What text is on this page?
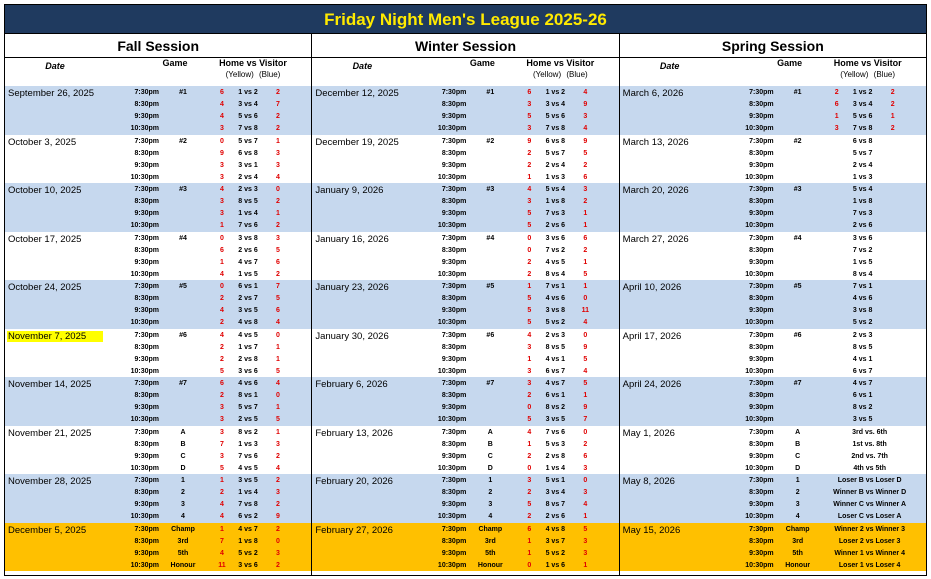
Friday Night Men's League 2025-26
Fall Session
Date	Game	Home vs Visitor
(Yellow) (Blue)
September 26, 2025	7:30pm	#1	6	1 vs 2	2
8:30pm	4	3 vs 4	7
9:30pm	4	5 vs 6	2
10:30pm	3	7 vs 8	2
October 3, 2025	7:30pm	#2	0	5 vs 7	1
8:30pm	9	6 vs 8	3
9:30pm	3	3 vs 1	3
10:30pm	3	2 vs 4	4
October 10, 2025	7:30pm	#3	4	2 vs 3	0
8:30pm	3	8 vs 5	2
9:30pm	3	1 vs 4	1
10:30pm	1	7 vs 6	2
October 17, 2025	7:30pm	#4	0	3 vs 8	3
8:30pm	6	2 vs 6	5
9:30pm	1	4 vs 7	6
10:30pm	4	1 vs 5	2
October 24, 2025	7:30pm	#5	0	6 vs 1	7
8:30pm	2	2 vs 7	5
9:30pm	4	3 vs 5	6
10:30pm	2	4 vs 8	4
November 7, 2025	7:30pm	#6	4	4 vs 5	0
8:30pm	2	1 vs 7	1
9:30pm	2	2 vs 8	1
10:30pm	5	3 vs 6	5
November 14, 2025	7:30pm	#7	6	4 vs 6	4
8:30pm	2	8 vs 1	0
9:30pm	3	5 vs 7	1
10:30pm	3	2 vs 5	5
November 21, 2025	7:30pm	A	3	8 vs 2	1
8:30pm	B	7	1 vs 3	3
9:30pm	C	3	7 vs 6	2
10:30pm	D	5	4 vs 5	4
November 28, 2025	7:30pm	1	1	3 vs 5	2
8:30pm	2	2	1 vs 4	3
9:30pm	3	4	7 vs 8	2
10:30pm	4	4	6 vs 2	9
December 5, 2025	7:30pm	Champ	1	4 vs 7	2
8:30pm	3rd	7	1 vs 8	0
9:30pm	5th	4	5 vs 2	3
10:30pm Honour	11	3 vs 6	2
Winter Session
Date	Game	Home vs Visitor
(Yellow) (Blue)
December 12, 2025	7:30pm	#1	6	1 vs 2	4
8:30pm	3	3 vs 4	9
9:30pm	5	5 vs 6	3
10:30pm	3	7 vs 8	4
December 19, 2025	7:30pm	#2	9	6 vs 8	9
8:30pm	2	5 vs 7	5
9:30pm	2	2 vs 4	2
10:30pm	1	1 vs 3	6
January 9, 2026	7:30pm	#3	4	5 vs 4	3
8:30pm	3	1 vs 8	2
9:30pm	5	7 vs 3	1
10:30pm	5	2 vs 6	1
January 16, 2026	7:30pm	#4	0	3 vs 6	6
8:30pm	0	7 vs 2	2
9:30pm	2	4 vs 5	1
10:30pm	2	8 vs 4	5
January 23, 2026	7:30pm	#5	1	7 vs 1	1
8:30pm	5	4 vs 6	0
9:30pm	5	3 vs 8	11
10:30pm	5	5 vs 2	4
January 30, 2026	7:30pm	#6	4	2 vs 3	0
8:30pm	3	8 vs 5	9
9:30pm	1	4 vs 1	5
10:30pm	3	6 vs 7	4
February 6, 2026	7:30pm	#7	3	4 vs 7	5
8:30pm	2	6 vs 1	1
9:30pm	0	8 vs 2	9
10:30pm	5	3 vs 5	7
February 13, 2026	7:30pm	A	4	7 vs 6	0
8:30pm	B	1	5 vs 3	2
9:30pm	C	2	2 vs 8	6
10:30pm	D	0	1 vs 4	3
February 20, 2026	7:30pm	1	3	5 vs 1	0
8:30pm	2	2	3 vs 4	3
9:30pm	3	5	8 vs 7	4
10:30pm	4	2	2 vs 6	1
February 27, 2026	7:30pm	Champ	6	4 vs 8	5
8:30pm	3rd	1	3 vs 7	3
9:30pm	5th	1	5 vs 2	3
10:30pm Honour	0	1 vs 6	1
Spring Session
Date	Game	Home vs Visitor
(Yellow) (Blue)
March 6, 2026	7:30pm	#1	2	1 vs 2	2
8:30pm	6	3 vs 4	2
9:30pm	1	5 vs 6	1
10:30pm	3	7 vs 8	2
March 13, 2026	7:30pm	#2	6 vs 8
8:30pm	5 vs 7
9:30pm	2 vs 4
10:30pm	1 vs 3
March 20, 2026	7:30pm	#3	5 vs 4
8:30pm	1 vs 8
9:30pm	7 vs 3
10:30pm	2 vs 6
March 27, 2026	7:30pm	#4	3 vs 6
8:30pm	7 vs 2
9:30pm	1 vs 5
10:30pm	8 vs 4
April 10, 2026	7:30pm	#5	7 vs 1
8:30pm	4 vs 6
9:30pm	3 vs 8
10:30pm	5 vs 2
April 17, 2026	7:30pm	#6	2 vs 3
8:30pm	8 vs 5
9:30pm	4 vs 1
10:30pm	6 vs 7
April 24, 2026	7:30pm	#7	4 vs 7
8:30pm	6 vs 1
9:30pm	8 vs 2
10:30pm	3 vs 5
May 1, 2026	7:30pm	A	3rd vs. 6th
8:30pm	B	1st vs. 8th
9:30pm	C	2nd vs. 7th
10:30pm	D	4th vs 5th
May 8, 2026	7:30pm	1	Loser B vs Loser D
8:30pm	2	Winner B vs Winner D
9:30pm	3	Winner C vs Winner A
10:30pm	4	Loser C vs Loser A
May 15, 2026	7:30pm	Champ	Winner 2 vs Winner 3
8:30pm	3rd	Loser 2 vs Loser 3
9:30pm	5th	Winner 1 vs Winner 4
10:30pm Honour	Loser 1 vs Loser 4
